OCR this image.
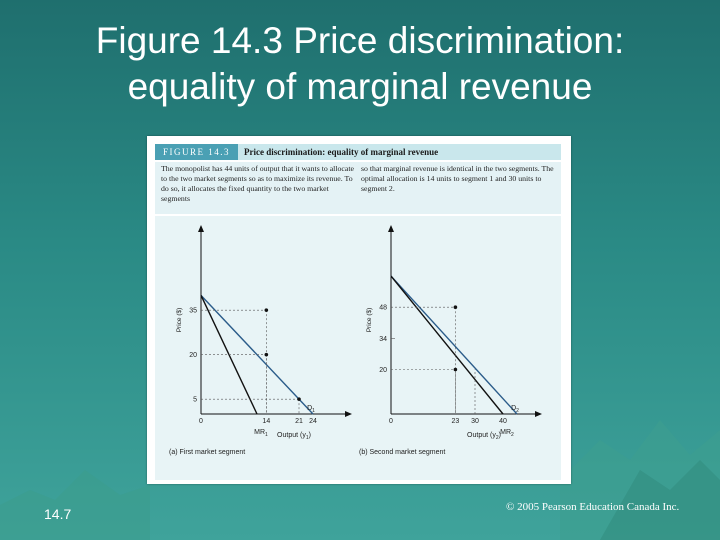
Figure 14.3 Price discrimination:
equality of marginal revenue
FIGURE 14.3	Price discrimination: equality of marginal revenue
The monopolist has 44 units of output that it wants to allocate to the two market segments so as to maximize its revenue. To do so, it allocates the fixed quantity to the two market segments
so that marginal revenue is identical in the two segments. The optimal allocation is 14 units to segment 1 and 30 units to segment 2.
0	14	21 24
5
20
35
Price ($)
Output $(y_1)$
$D_1$
$MR_1$
(a) First market segment
0	23 30	40
20
34
48
Price ($)
Output $(y_2)$
$D_2$
$MR_2$
(b) Second market segment
14.7	© 2005 Pearson Education Canada Inc.
